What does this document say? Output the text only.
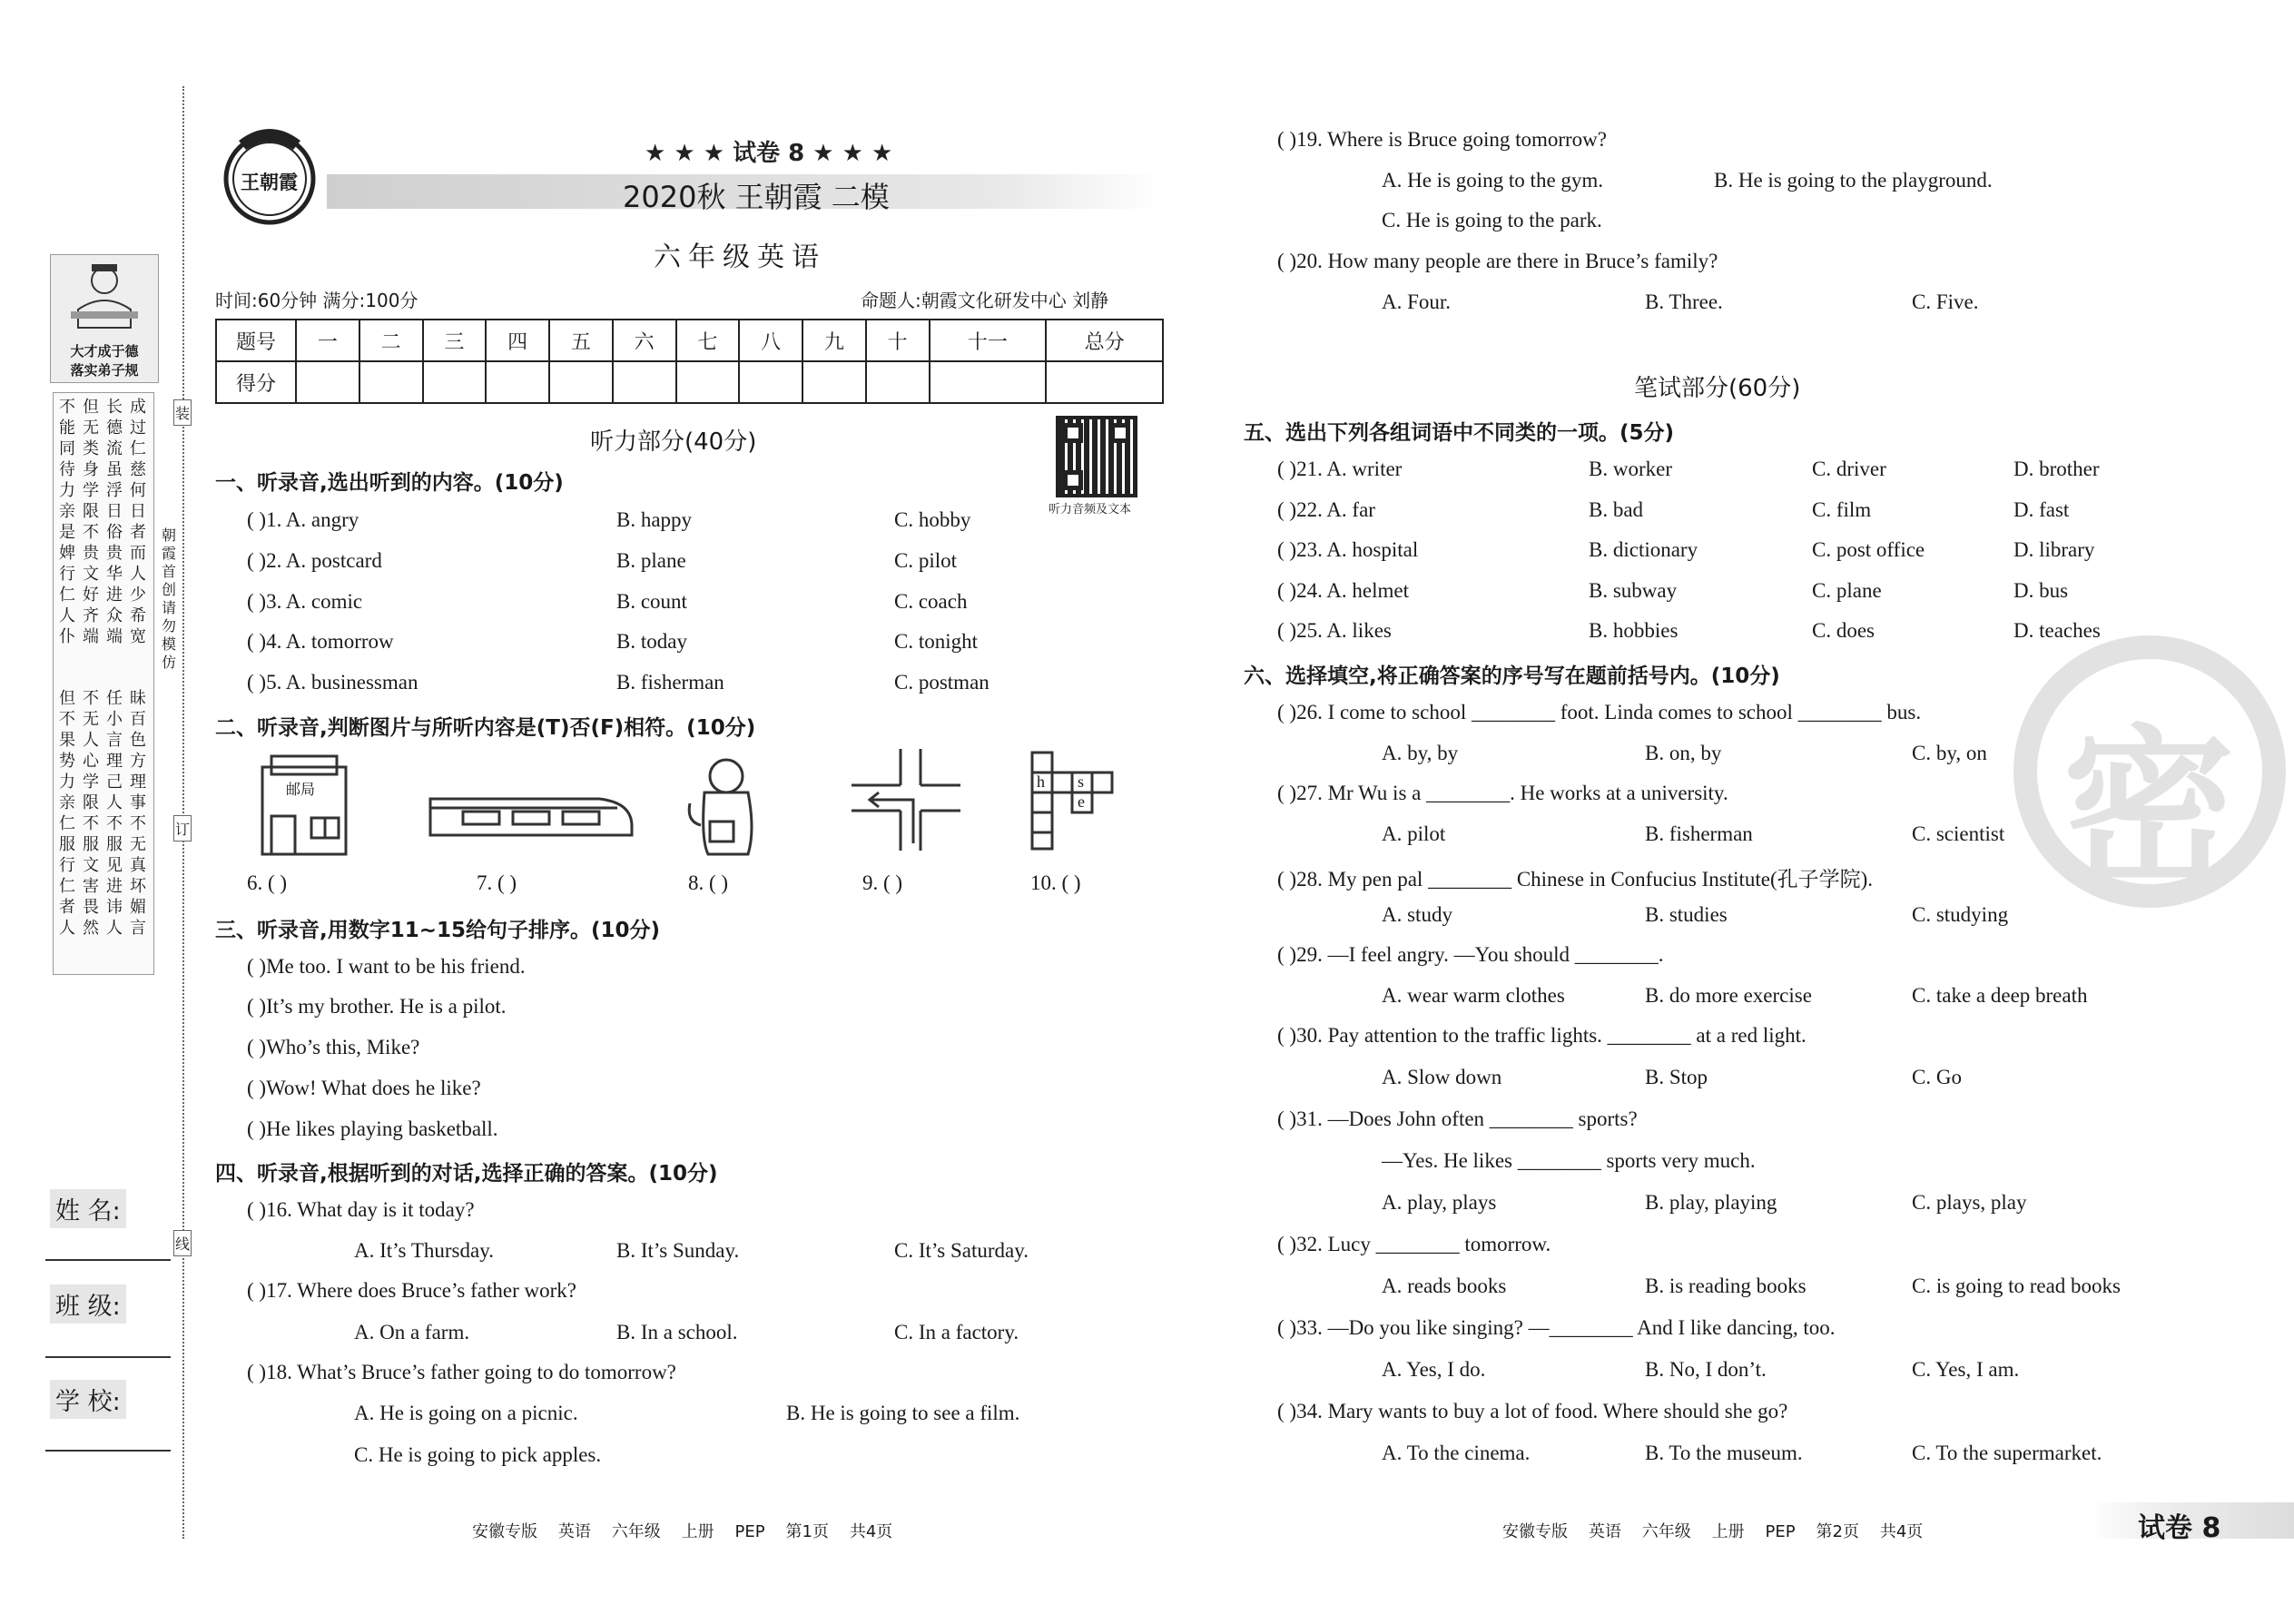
装
订
线
大才成于德
落实弟子规
不能同待力亲是婢行仁人仆
但无类身学限不贵文好齐端
长德流虽浮日俗贵华进众端
成过仁慈何日者而人少希宽
但不果势力亲仁服行仁者人
不无人心学限不服文害畏然
任小言理己人不服见进讳人
昧百色方理事不无真坏媚言
朝霞首创 请勿模仿
姓 名:
班 级:
学 校:
王朝霞
★ ★ ★ 试卷 8 ★ ★ ★
2020秋 王朝霞 二模
六年级英语
时间:60分钟 满分:100分	命题人:朝霞文化研发中心 刘静
题号	一	二	三	四	五	六	七	八	九	十	十一	总分
得分												
听力音频及文本
听力部分(40分)
一、听录音,选出听到的内容。(10分)
( )1. A. angry	B. happy	C. hobby
( )2. A. postcard	B. plane	C. pilot
( )3. A. comic	B. count	C. coach
( )4. A. tomorrow	B. today	C. tonight
( )5. A. businessman	B. fisherman	C. postman
二、听录音,判断图片与所听内容是(T)否(F)相符。(10分)
邮局	h s
e
6. ( )	7. ( )	8. ( )	9. ( )	10. ( )
三、听录音,用数字11~15给句子排序。(10分)
( )Me too. I want to be his friend.
( )It’s my brother. He is a pilot.
( )Who’s this, Mike?
( )Wow! What does he like?
( )He likes playing basketball.
四、听录音,根据听到的对话,选择正确的答案。(10分)
( )16. What day is it today?
A. It’s Thursday.	B. It’s Sunday.	C. It’s Saturday.
( )17. Where does Bruce’s father work?
A. On a farm.	B. In a school.	C. In a factory.
( )18. What’s Bruce’s father going to do tomorrow?
A. He is going on a picnic.	B. He is going to see a film.
C. He is going to pick apples.
安徽专版    英语    六年级    上册    PEP    第1页    共4页
密
( )19. Where is Bruce going tomorrow?
A. He is going to the gym.	B. He is going to the playground.
C. He is going to the park.
( )20. How many people are there in Bruce’s family?
A. Four.	B. Three.	C. Five.
笔试部分(60分)
五、选出下列各组词语中不同类的一项。(5分)
( )21. A. writer	B. worker	C. driver	D. brother
( )22. A. far	B. bad	C. film	D. fast
( )23. A. hospital	B. dictionary	C. post office	D. library
( )24. A. helmet	B. subway	C. plane	D. bus
( )25. A. likes	B. hobbies	C. does	D. teaches
六、选择填空,将正确答案的序号写在题前括号内。(10分)
( )26. I come to school ________ foot. Linda comes to school ________ bus.
A. by, by	B. on, by	C. by, on
( )27. Mr Wu is a ________. He works at a university.
A. pilot	B. fisherman	C. scientist
( )28. My pen pal ________ Chinese in Confucius Institute(孔子学院).
A. study	B. studies	C. studying
( )29. —I feel angry. —You should ________.
A. wear warm clothes	B. do more exercise	C. take a deep breath
( )30. Pay attention to the traffic lights. ________ at a red light.
A. Slow down	B. Stop	C. Go
( )31. —Does John often ________ sports?
—Yes. He likes ________ sports very much.
A. play, plays	B. play, playing	C. plays, play
( )32. Lucy ________ tomorrow.
A. reads books	B. is reading books	C. is going to read books
( )33. —Do you like singing? —________ And I like dancing, too.
A. Yes, I do.	B. No, I don’t.	C. Yes, I am.
( )34. Mary wants to buy a lot of food. Where should she go?
A. To the cinema.	B. To the museum.	C. To the supermarket.
安徽专版    英语    六年级    上册    PEP    第2页    共4页	试卷 8
